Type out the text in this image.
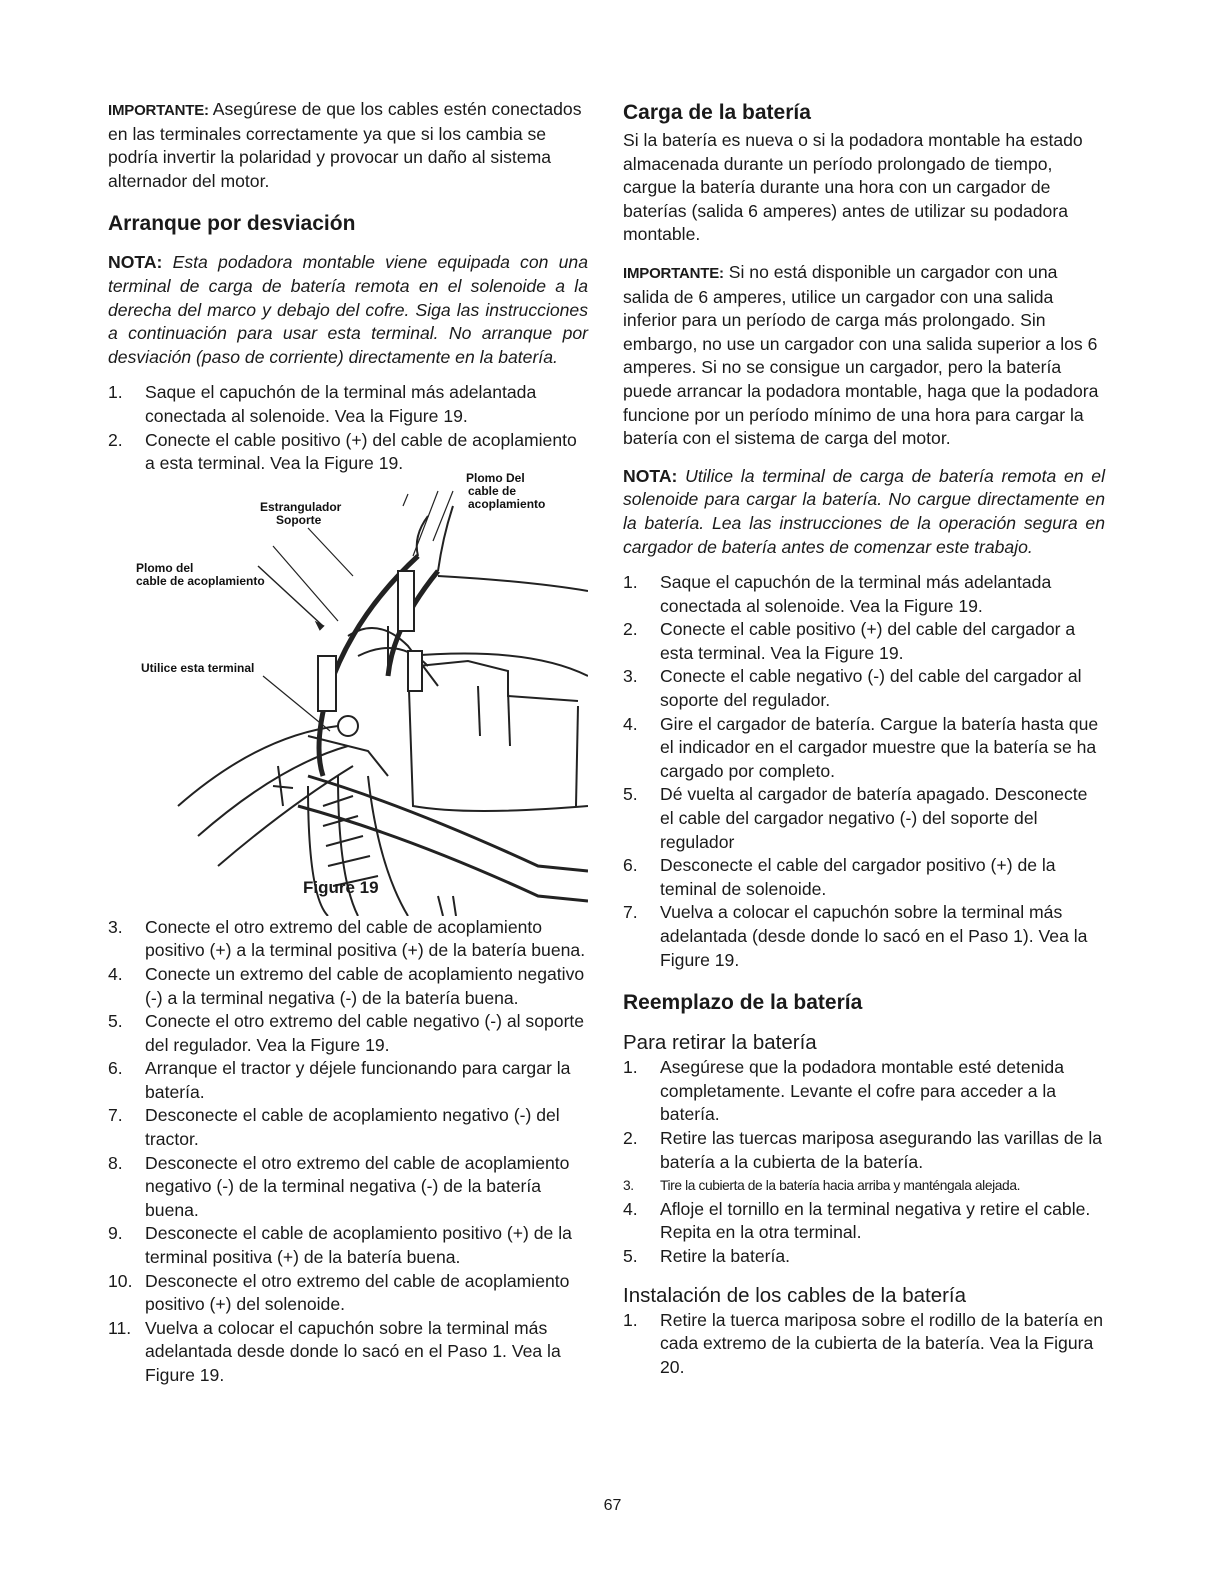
IMPORTANTE: Asegúrese de que los cables estén conectados en las terminales correctamente ya que si los cambia se podría invertir la polaridad y provocar un daño al sistema alternador del motor.

Arranque por desviación

NOTA: Esta podadora montable viene equipada con una terminal de carga de batería remota en el solenoide a la derecha del marco y debajo del cofre. Siga las instrucciones a continuación para usar esta terminal. No arranque por desviación (paso de corriente) directamente en la batería.

1.	Saque el capuchón de la terminal más adelantada conectada al solenoide. Vea la Figure 19.
2.	Conecte el cable positivo (+) del cable de acoplamiento a esta terminal. Vea la Figure 19.
Plomo Del
cable de
acoplamiento
Estrangulador
Soporte
Plomo del
cable de acoplamiento
Utilice esta terminal
Figure 19
3.	Conecte el otro extremo del cable de acoplamiento positivo (+) a la terminal positiva (+) de la batería buena.
4.	Conecte un extremo del cable de acoplamiento negativo (-) a la terminal negativa (-) de la batería buena.
5.	Conecte el otro extremo del cable negativo (-) al soporte del regulador. Vea la Figure 19.
6.	Arranque el tractor y déjele funcionando para cargar la batería.
7.	Desconecte el cable de acoplamiento negativo (-) del tractor.
8.	Desconecte el otro extremo del cable de acoplamiento negativo (-) de la terminal negativa (-) de la batería buena.
9.	Desconecte el cable de acoplamiento positivo (+) de la terminal positiva (+) de la batería buena.
10. Desconecte el otro extremo del cable de acoplamiento positivo (+) del solenoide.
11. Vuelva a colocar el capuchón sobre la terminal más adelantada desde donde lo sacó en el Paso 1. Vea la Figure 19.
Carga de la batería

Si la batería es nueva o si la podadora montable ha estado almacenada durante un período prolongado de tiempo, cargue la batería durante una hora con un cargador de baterías (salida 6 amperes) antes de utilizar su podadora montable.

IMPORTANTE: Si no está disponible un cargador con una salida de 6 amperes, utilice un cargador con una salida inferior para un período de carga más prolongado. Sin embargo, no use un cargador con una salida superior a los 6 amperes. Si no se consigue un cargador, pero la batería puede arrancar la podadora montable, haga que la podadora funcione por un período mínimo de una hora para cargar la batería con el sistema de carga del motor.

NOTA: Utilice la terminal de carga de batería remota en el solenoide para cargar la batería. No cargue directamente en la batería. Lea las instrucciones de la operación segura en cargador de batería antes de comenzar este trabajo.

1.	Saque el capuchón de la terminal más adelantada conectada al solenoide. Vea la Figure 19.
2.	Conecte el cable positivo (+) del cable del cargador a esta terminal. Vea la Figure 19.
3.	Conecte el cable negativo (-) del cable del cargador al soporte del regulador.
4.	Gire el cargador de batería. Cargue la batería hasta que el indicador en el cargador muestre que la batería se ha cargado por completo.
5.	Dé vuelta al cargador de batería apagado. Desconecte el cable del cargador negativo (-) del soporte del regulador
6.	Desconecte el cable del cargador positivo (+) de la teminal de solenoide.
7.	Vuelva a colocar el capuchón sobre la terminal más adelantada (desde donde lo sacó en el Paso 1). Vea la Figure 19.
Reemplazo de la batería
Para retirar la batería
1.	Asegúrese que la podadora montable esté detenida completamente. Levante el cofre para acceder a la batería.
2.	Retire las tuercas mariposa asegurando las varillas de la batería a la cubierta de la batería.
3.	Tire la cubierta de la batería hacia arriba y manténgala alejada.
4.	Afloje el tornillo en la terminal negativa y retire el cable. Repita en la otra terminal.
5.	Retire la batería.
Instalación de los cables de la batería
1.	Retire la tuerca mariposa sobre el rodillo de la batería en cada extremo de la cubierta de la batería. Vea la Figura 20.
67
